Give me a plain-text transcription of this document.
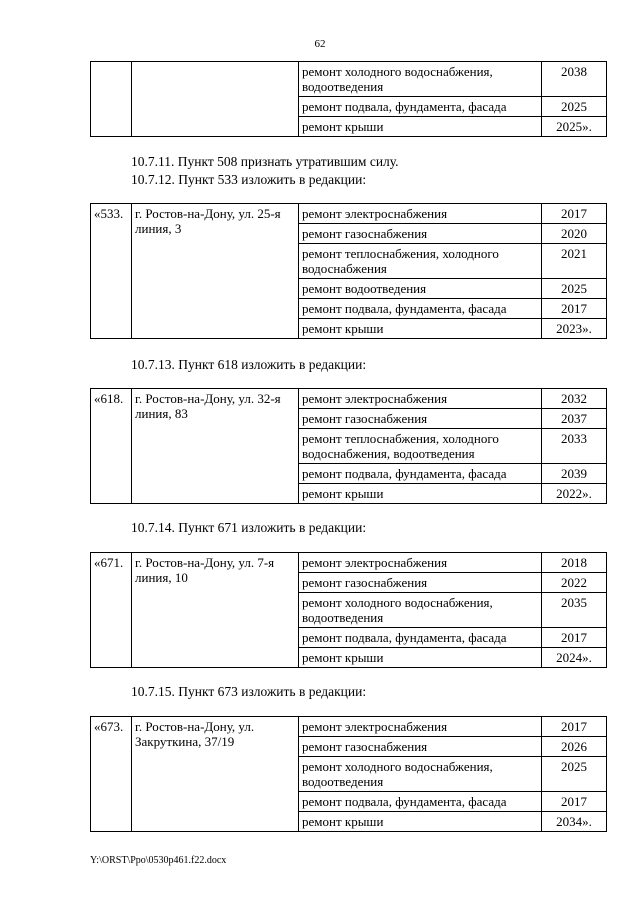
62
		ремонт холодного водоснабжения, водоотведения	2038
		ремонт подвала, фундамента, фасада	2025
		ремонт крыши	2025».
10.7.11. Пункт 508 признать утратившим силу.
10.7.12. Пункт 533 изложить в редакции:
«533.	г. Ростов-на-Дону, ул. 25-я линия, 3	ремонт электроснабжения	2017
		ремонт газоснабжения	2020
		ремонт теплоснабжения, холодного водоснабжения	2021
		ремонт водоотведения	2025
		ремонт подвала, фундамента, фасада	2017
		ремонт крыши	2023».
10.7.13. Пункт 618 изложить в редакции:
«618.	г. Ростов-на-Дону, ул. 32-я линия, 83	ремонт электроснабжения	2032
		ремонт газоснабжения	2037
		ремонт теплоснабжения, холодного водоснабжения, водоотведения	2033
		ремонт подвала, фундамента, фасада	2039
		ремонт крыши	2022».
10.7.14. Пункт 671 изложить в редакции:
«671.	г. Ростов-на-Дону, ул. 7-я линия, 10	ремонт электроснабжения	2018
		ремонт газоснабжения	2022
		ремонт холодного водоснабжения, водоотведения	2035
		ремонт подвала, фундамента, фасада	2017
		ремонт крыши	2024».
10.7.15. Пункт 673 изложить в редакции:
«673.	г. Ростов-на-Дону, ул. Закруткина, 37/19	ремонт электроснабжения	2017
		ремонт газоснабжения	2026
		ремонт холодного водоснабжения, водоотведения	2025
		ремонт подвала, фундамента, фасада	2017
		ремонт крыши	2034».
Y:\ORST\Ppo\0530p461.f22.docx
